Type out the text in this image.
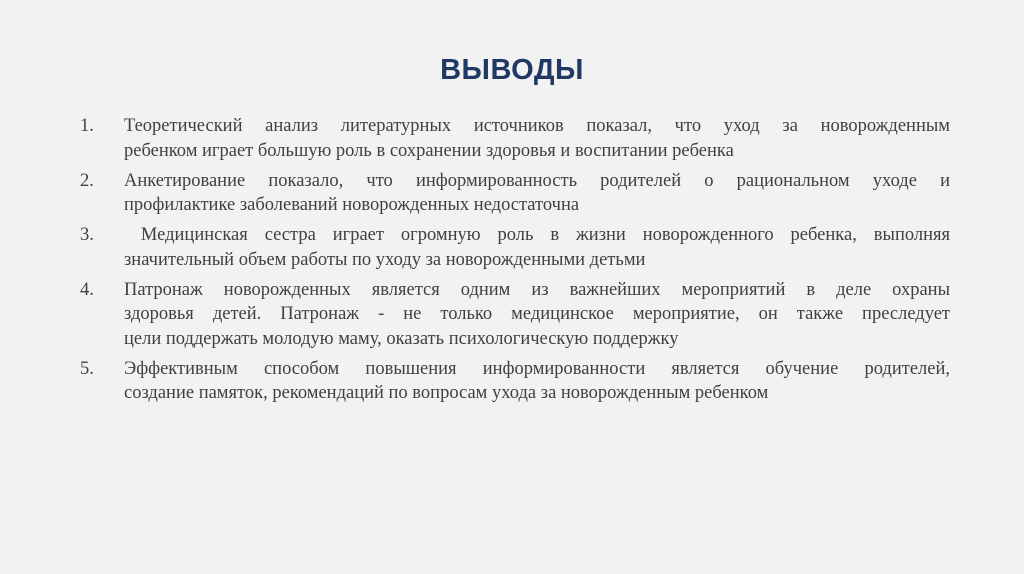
ВЫВОДЫ
1.	Теоретический анализ литературных источников показал, что уход за новорожденным
ребенком играет большую роль в сохранении здоровья и воспитании ребенка
2.	Анкетирование показало, что информированность родителей о рациональном уходе и
профилактике заболеваний новорожденных недостаточна
3.	Медицинская сестра играет огромную роль в жизни новорожденного ребенка, выполняя
значительный объем работы по уходу за новорожденными детьми
4.	Патронаж новорожденных является одним из важнейших мероприятий в деле охраны
здоровья детей. Патронаж - не только медицинское мероприятие, он также преследует
цели поддержать молодую маму, оказать психологическую поддержку
5.	Эффективным способом повышения информированности является обучение родителей,
создание памяток, рекомендаций по вопросам ухода за новорожденным ребенком
